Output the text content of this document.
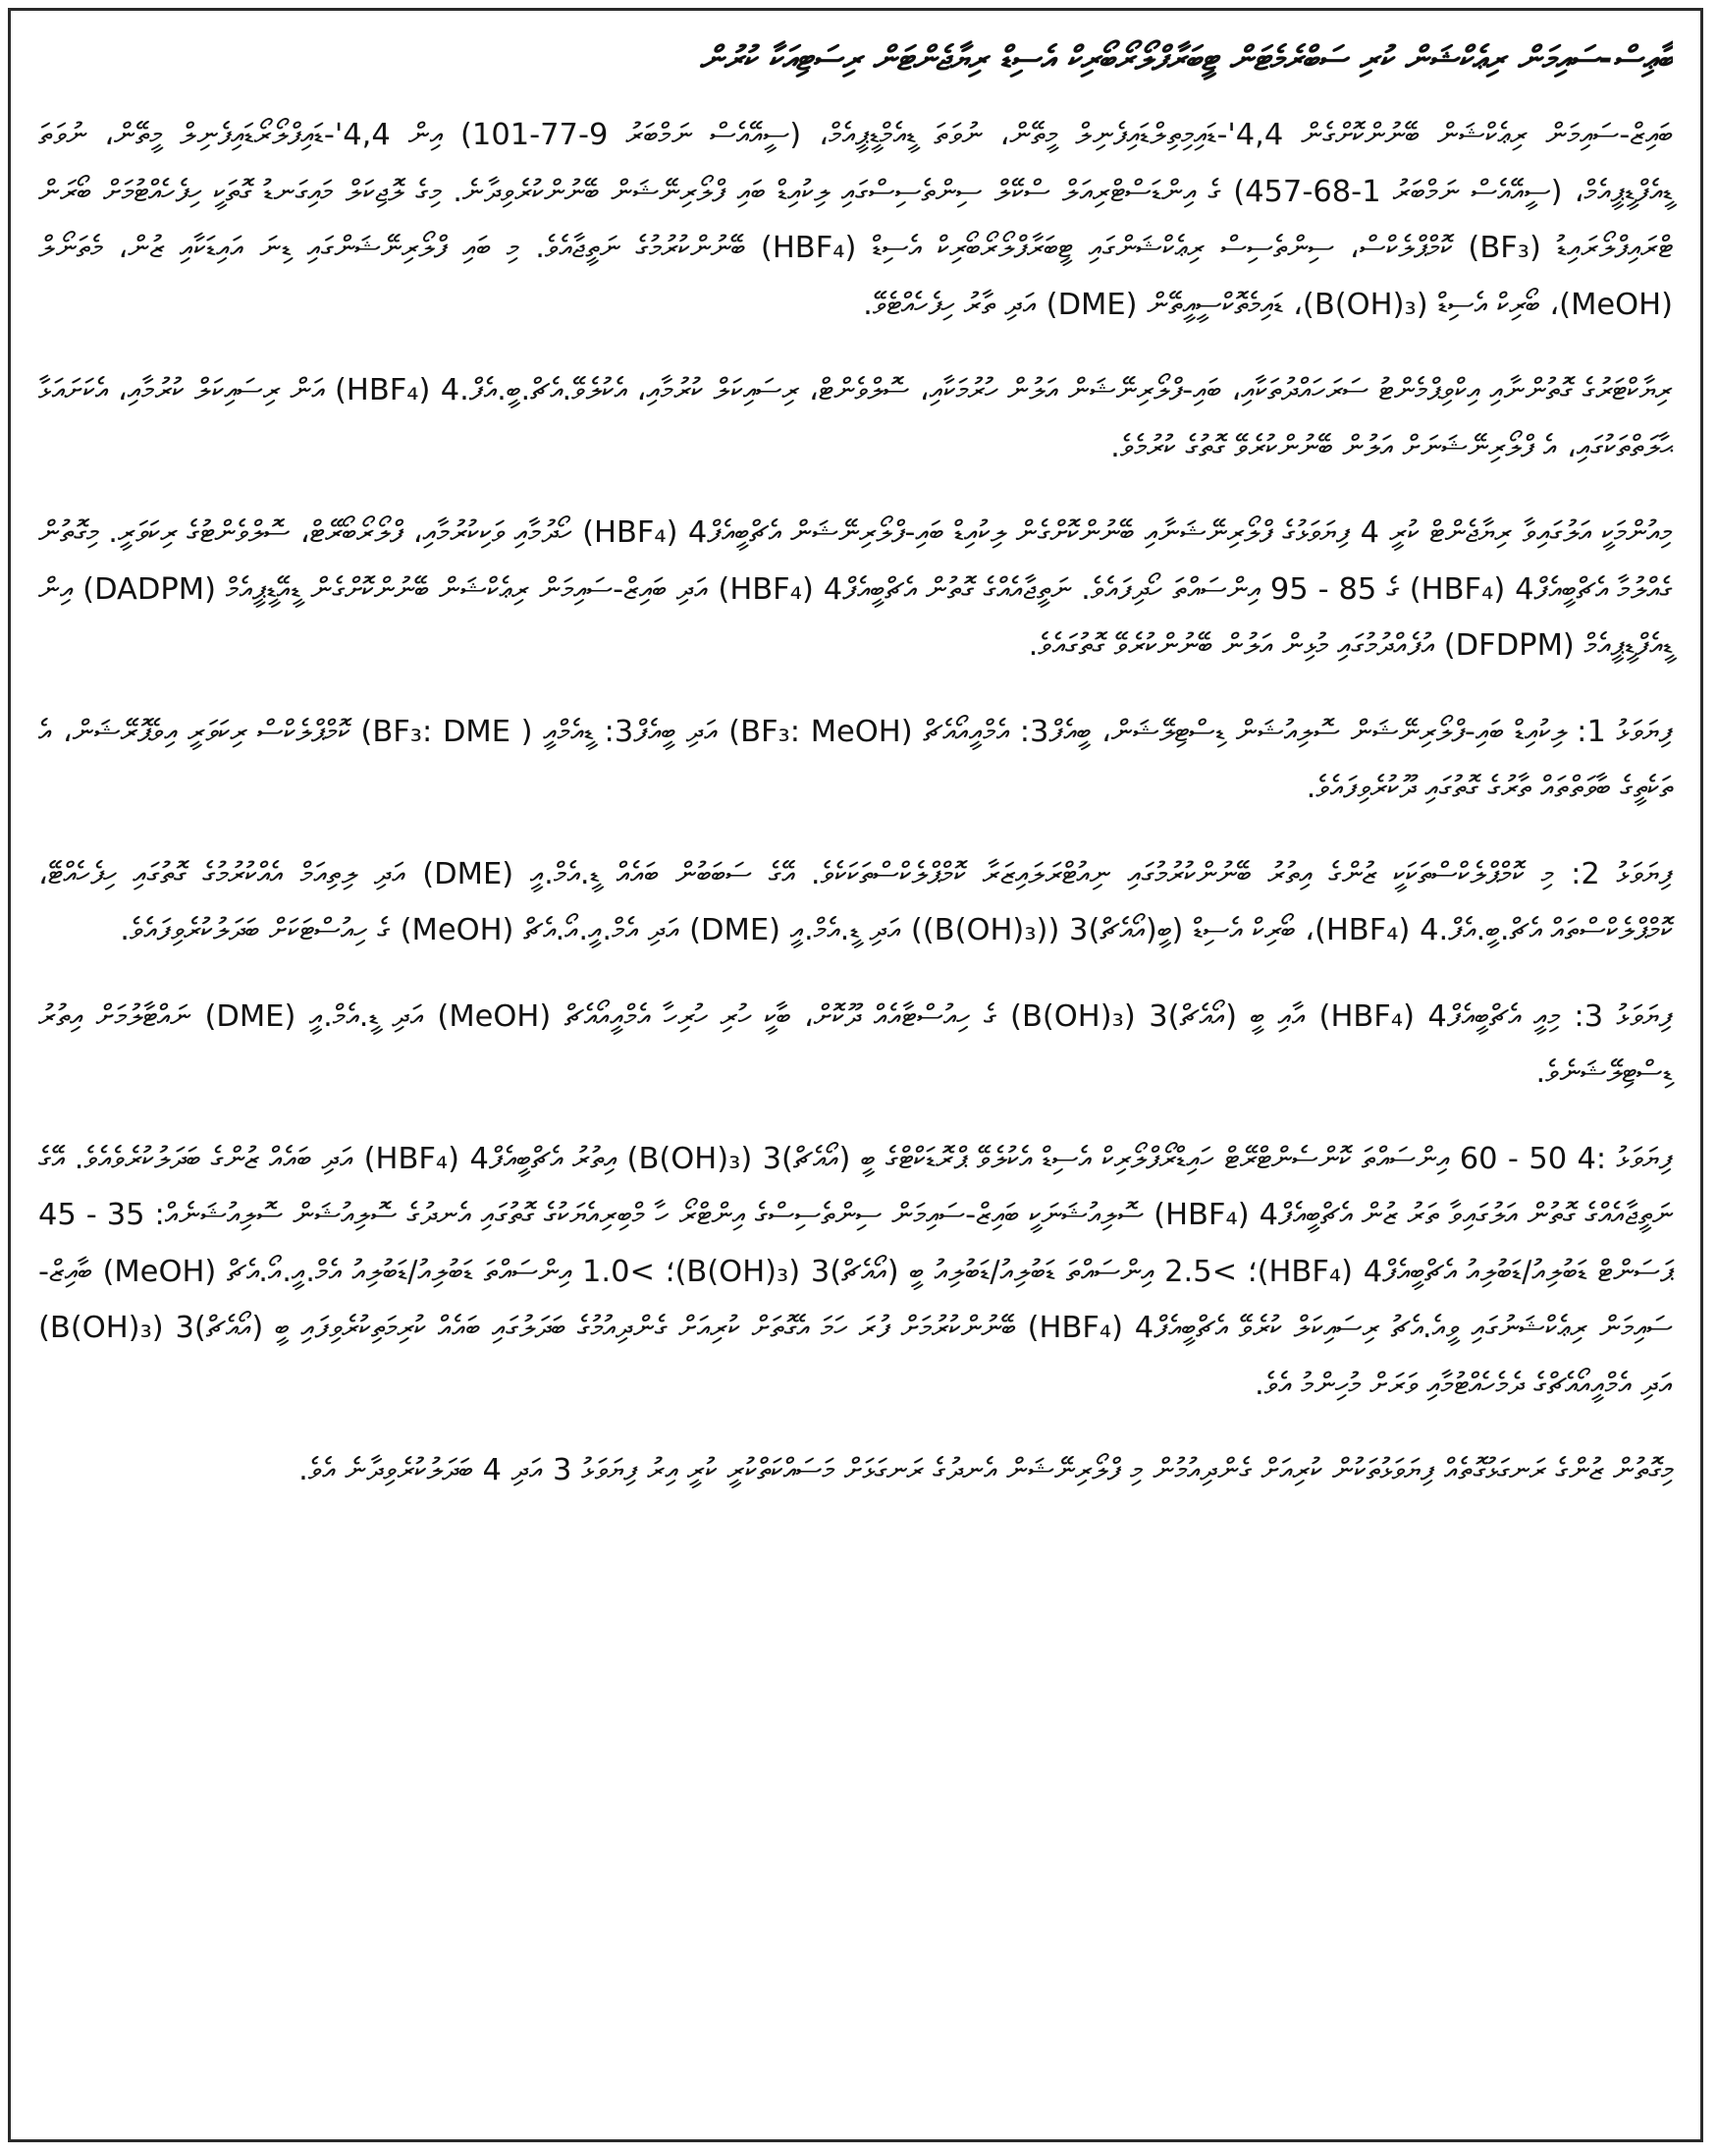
ބާޢިސް-ސައިމަން ރިޢެކްޝަން ކުރި ސަބްރެމެޓަން ޓީބަރާފްލޯރޯބޯރިކް އެސިޑް ރިޔާޖެންޓަން ރިސަޓިއަކާ ކުރުން

ބައިޒް-ސައިމަން ރިޢެކްޝަން ބޭނުންކޮށްގެން 4,4'-ޑައިމިތިލްޑައިފެނިލް މީތޭން، ނުވަތަ ޑީއެމްޑީޕީއެމް، (ސީއޭއެސް ނަމްބަރު 9-77-101) އިން 4,4'-ޑައިފްލޯރޯޑައިފެނިލް މީތޭން، ނުވަތަ ޑީއެފްޑީޕީއެމް، (ސީއޭއެސް ނަމްބަރު 1-68-457) ގެ އިންޑަސްޓްރިއަލް ސްކޭލް ސިންތެސިސްގައި ލިކުއިޑް ބައި ފްލޯރިނޭޝަން ބޭނުންކުރެވިދާނެ. މިގެ ލޮޖިކަލް މައިގަނޑު ގޮތަކީ ހިފެހެއްޓުމަށް ބޯރަން ޓްރައިފްލޯރައިޑު (BF₃) ކޮމްޕްލެކްސް، ސިންތެސިސް ރިޢެކްޝަންގައި ޓީބަރާފްލޯރޯބޯރިކް އެސިޑް (HBF₄) ބޭނުންކުރުމުގެ ނަތީޖާއެވެ. މި ބައި ފްލޯރިނޭޝަންގައި ޑިނަ އައިޑަކާއި ޒުން، މެތަނޯލް (MeOH)، ބޯރިކް އެސިޑް (B(OH)₃)، ޑައިމެތޮކްސީއީތޭން (DME) އަދި ތާރު ހިފެހެއްޓެވޭ.

ރިޔާކްޓަރުގެ ގޮތުންނާއި އިކްވިޕްމެންޓު ސަރަހައްދުތަކާއި، ބައި-ފްލޯރިނޭޝަން އަލުން ހުރުމަކާއި، ސޮލްވެންޓް، ރިސައިކަލް ކުރުމާއި، އެކުލެވޭ.އެޗް.ބީ.އެފް.4 (HBF₄) އަން ރިސައިކަލް ކުރުމާއި، އެކަށައަޅާ ޙާލަތްތަކުގައި، އެ ފްލޯރިނޭޝަނަށް އަލުން ބޭނުންކުރެވޭ ގޮތުގެ ކުރުމެވެ.

މިއުންމަކީ އަލުގައިވާ ރިޔާޖެންޓް ކުރީ 4 ފިޔަވަޅުގެ ފްލޯރިނޭޝަނާއި ބޭނުންކޮށްގެން ލިކުއިޑް ބައި-ފްލޯރިނޭޝަން އެޗްބީއެފް4 (HBF₄) ހޯދުމާއި ވަކިކުރުމާއި، ފްލޯރޯބޯރޭޓް، ސޮލްވެންޓުގެ ރިކަވަރީ. މިގޮތުން ގެއްލުމާ އެޗްބީއެފް4 (HBF₄) ގެ 85 - 95 އިންސައްތަ ހޯދިފައެވެ. ނަތީޖާއެއްގެ ގޮތުން އެޗްބީއެފް4 (HBF₄) އަދި ބައިޒް-ސައިމަން ރިޢެކްޝަން ބޭނުންކޮށްގެން ޑީއޭޑީޕީއެމް (DADPM) އިން ޑީއެފްޑީޕީއެމް (DFDPM) އުފެއްދުމުގައި މުޅިން އަލުން ބޭނުންކުރެވޭ ގޮތުގައެވެ.

ފިޔަވަޅު 1: ލިކުއިޑް ބައި-ފްލޯރިނޭޝަން ސޮލިއުޝަން ޑިސްޓިލޭޝަން، ބީއެފް3: އެމްއީއޯއެޗް (BF₃: MeOH) އަދި ބީއެފް3: ޑީއެމްއީ ( BF₃: DME) ކޮމްޕްލެކްސް ރިކަވަރީ އިވެޕޮރޭޝަން، އެ ތަކެތީގެ ބާވަތްތައް ތާރުގެ ގޮތުގައި ދޫކުރެވިފައެވެ.

ފިޔަވަޅު 2: މި ކޮމްޕްލެކްސްތަކަކީ ޒުންގެ އިތުރު ބޭނުންކުރުމުގައި ނިއުޓްރަލައިޒަރާ ކޮމްޕްލެކްސްތަކަކެވެ. އޭގެ ސަބަބުން ބައެއް ޑީ.އެމް.އީ (DME) އަދި ލިތިއަމް އެއްކުރުމުގެ ގޮތުގައި ހިފެހެއްޓޭ، ކޮމްޕްލެކްސްތައް އެޗް.ބީ.އެފް.4 (HBF₄)، ބޯރިކް އެސިޑް (ބީ(އޯއެޗް)3 ((B(OH)₃)) އަދި ޑީ.އެމް.އީ (DME) އަދި އެމް.އީ.އޯ.އެޗް (MeOH) ގެ ހިއުސްޓަކަށް ބަދަލުކުރެވިފައެވެ.

ފިޔަވަޅު 3: މިއީ އެޗްބީއެފް4 (HBF₄) އާއި ބީ (އޯއެޗް)3 (B(OH)₃) ގެ ހިއުސްޓާއެއް ދޫކޮށް، ބާކީ ހުރި ހުރިހާ އެމްއީއޯއެޗް (MeOH) އަދި ޑީ.އެމް.އީ (DME) ނައްޓާލުމަށް އިތުރު ޑިސްޓިލޭޝަނެވެ.

ފިޔަވަޅު :4 50 - 60 އިންސައްތަ ކޮންސެންޓްރޭޓް ހައިޑްރޯފްލޯރިކް އެސިޑް އެކުލެވޭ ޕްރޮޑަކްޓްގެ ބީ (އޯއެޗް)3 (B(OH)₃) އިތުރު އެޗްބީއެފް4 (HBF₄) އަދި ބައެއް ޒުންގެ ބަދަލުކުރެވެއެވެ. އޭގެ ނަތީޖާއެއްގެ ގޮތުން އަލުގައިވާ ތަރު ޒުން އެޗްބީއެފް4 (HBF₄) ސޮލިއުޝަނަކީ ބައިޒް-ސައިމަން ސިންތެސިސްގެ އިންޓްރޯ ހާ މްބިރިއެޔަކުގެ ގޮތުގައި އެނދުގެ ސޮލިއުޝަން ސޮލިއުޝަނެއް: 35 - 45 ޕަސަންޓް ޑަބުލިއު/ޑަބުލިއު އެޗްބީއެފް4 (HBF₄)؛ >2.5 އިންސައްތަ ޑަބުލިއު/ޑަބުލިއު ބީ (އޯއެޗް)3 (B(OH)₃)؛ >1.0 އިންސައްތަ ޑަބުލިއު/ޑަބުލިއު އެމް.އީ.އޯ.އެޗް (MeOH) ބާއިޒް-ސައިމަން ރިޢެކްޝަނުގައި ވީއެ.އެޗު ރިސައިކަލް ކުރެވޭ އެޗްބީއެފް4 (HBF₄) ބޭނުންކުރުމަށް ފުރަ ހަމަ އެގޮތަށް ކުރިއަށް ގެންދިއުމުގެ ބަދަލުގައި ބައެއް ކުރިމަތިކުރެވިފައި ބީ (އޯއެޗް)3 (B(OH)₃) އަދި އެމްއީއޯއެޗްގެ ދެމެހެއްޓުމާއި ވަރަށް މުހިންމު އެވެ.

މިގޮތުން ޒުންގެ ރަނގަޅުގޮތެއް ފިޔަވަޅުތަކުން ކުރިއަށް ގެންދިއުމުން މި ފްލޯރިނޭޝަން އެނދުގެ ރަނގަޅަށް މަސައްކަތްކުރީ ކުރީ އިރު ފިޔަވަޅު 3 އަދި 4 ބަދަލުކުރެވިދާނެ އެވެ.
